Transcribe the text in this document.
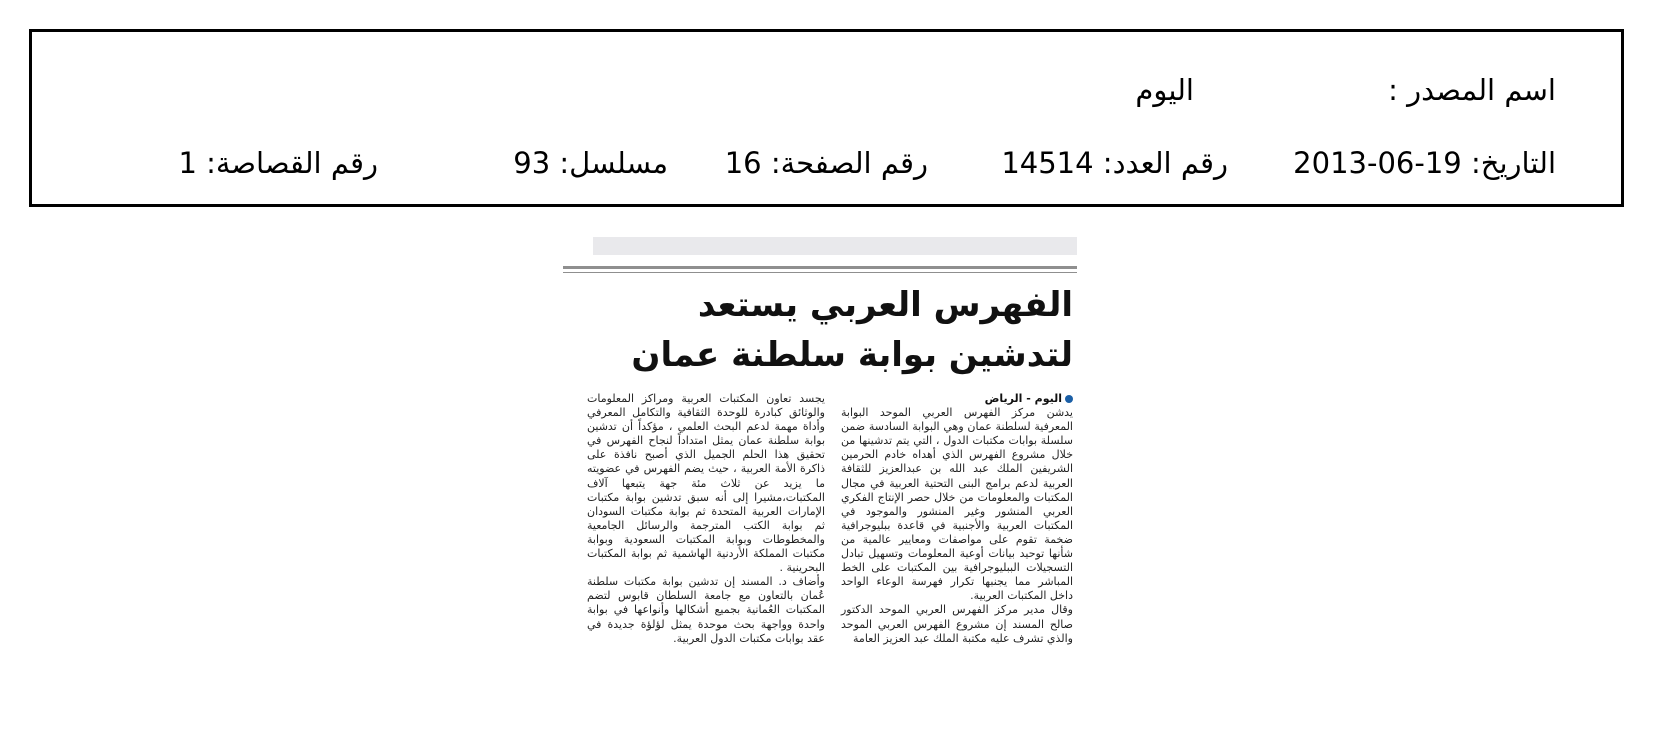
اسم المصدر :
اليوم
التاريخ: 19-06-2013
رقم العدد: 14514
رقم الصفحة: 16
مسلسل: 93
رقم القصاصة: 1
الفهرس العربي يستعد لتدشين بوابة سلطنة عمان
اليوم - الرياض

يدشن مركز الفهرس العربي الموحد البوابة المعرفية لسلطنة عمان وهي البوابة السادسة ضمن سلسلة بوابات مكتبات الدول ، التي يتم تدشينها من خلال مشروع الفهرس الذي أهداه خادم الحرمين الشريفين الملك عبد الله بن عبدالعزيز للثقافة العربية لدعم برامج البنى التحتية العربية في مجال المكتبات والمعلومات من خلال حصر الإنتاج الفكري العربي المنشور وغير المنشور والموجود في المكتبات العربية والأجنبية في قاعدة ببليوجرافية ضخمة تقوم على مواصفات ومعايير عالمية من شأنها توحيد بيانات أوعية المعلومات وتسهيل تبادل التسجيلات الببليوجرافية بين المكتبات على الخط المباشر مما يجنبها تكرار فهرسة الوعاء الواحد داخل المكتبات العربية.

وقال مدير مركز الفهرس العربي الموحد الدكتور صالح المسند إن مشروع الفهرس العربي الموحد والذي تشرف عليه مكتبة الملك عبد العزيز العامة

يجسد تعاون المكتبات العربية ومراكز المعلومات والوثائق كبادرة للوحدة الثقافية والتكامل المعرفي وأداة مهمة لدعم البحث العلمي ، مؤكداً أن تدشين بوابة سلطنة عمان يمثل امتداداً لنجاح الفهرس في تحقيق هذا الحلم الجميل الذي أصبح نافذة على ذاكرة الأمة العربية ، حيث يضم الفهرس في عضويته ما يزيد عن ثلاث مئة جهة يتبعها آلاف المكتبات،مشيرا إلى أنه سبق تدشين بوابة مكتبات الإمارات العربية المتحدة ثم بوابة مكتبات السودان ثم بوابة الكتب المترجمة والرسائل الجامعية والمخطوطات وبوابة المكتبات السعودية وبوابة مكتبات المملكة الأردنية الهاشمية ثم بوابة المكتبات البحرينية .

وأضاف د. المسند إن تدشين بوابة مكتبات سلطنة عُمان بالتعاون مع جامعة السلطان قابوس لتضم المكتبات العُمانية بجميع أشكالها وأنواعها في بوابة واحدة وواجهة بحث موحدة يمثل لؤلؤة جديدة في عقد بوابات مكتبات الدول العربية.
